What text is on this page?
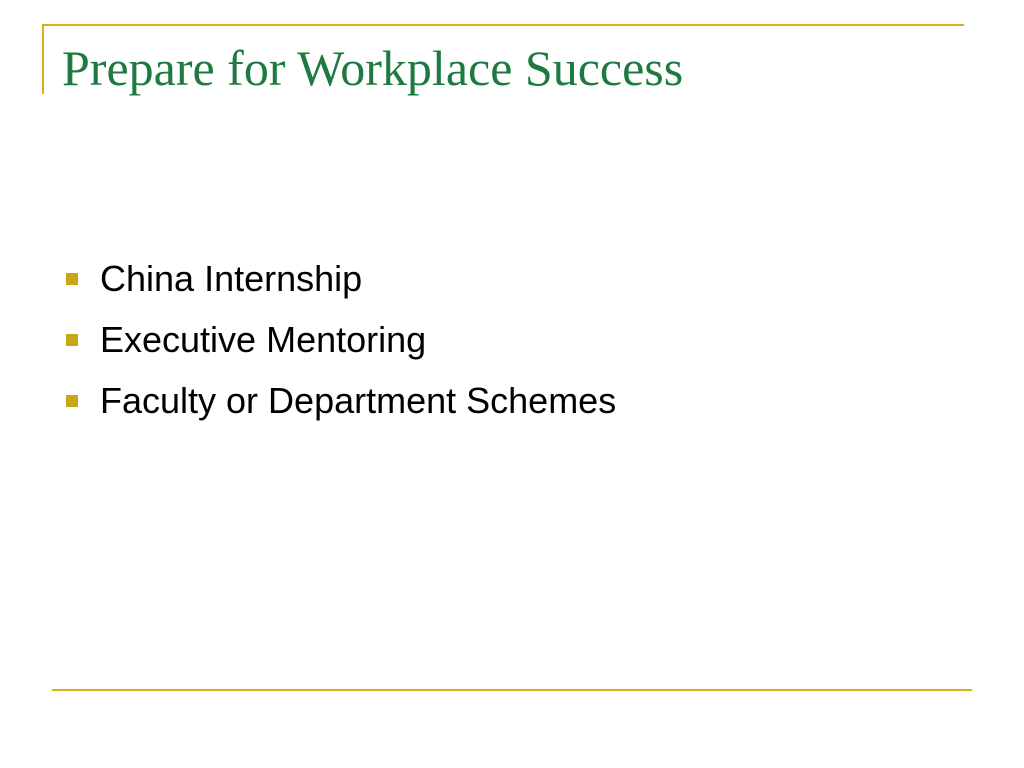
Prepare for Workplace Success
China Internship
Executive Mentoring
Faculty or Department Schemes
